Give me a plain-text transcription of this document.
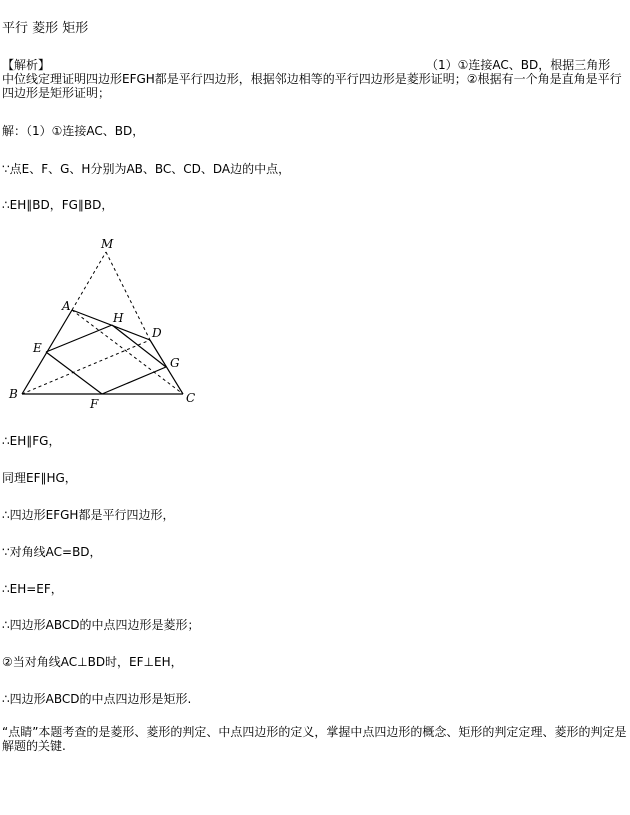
平行 菱形 矩形
【解析】	（1）①连接AC、BD，根据三角形
中位线定理证明四边形EFGH都是平行四边形，根据邻边相等的平行四边形是菱形证明；②根据有一个角是直角是平行四边形是矩形证明；
解：（1）①连接AC、BD，
∵点E、F、G、H分别为AB、BC、CD、DA边的中点，
∴EH∥BD，FG∥BD，
M
A
H
D
E
G
B
F	C
∴EH∥FG，
同理EF∥HG，
∴四边形EFGH都是平行四边形，
∵对角线AC=BD，
∴EH=EF，
∴四边形ABCD的中点四边形是菱形；
②当对角线AC⊥BD时，EF⊥EH，
∴四边形ABCD的中点四边形是矩形.
“点睛”本题考查的是菱形、菱形的判定、中点四边形的定义，掌握中点四边形的概念、矩形的判定定理、菱形的判定是解题的关键.
